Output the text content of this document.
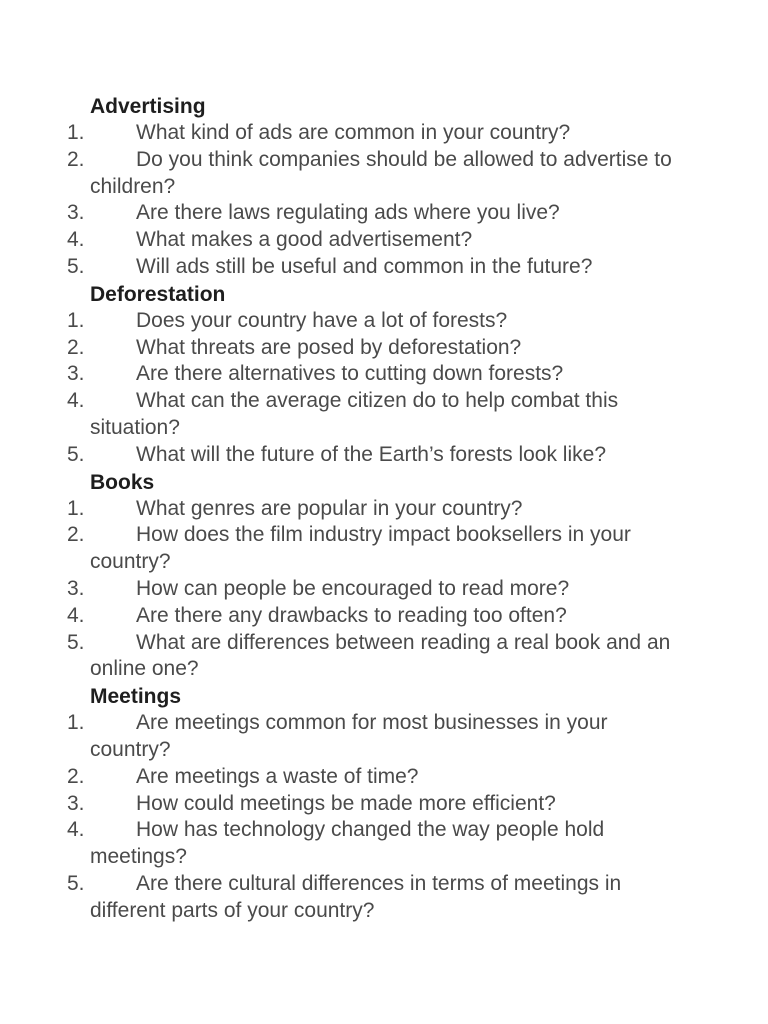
Advertising
1.	What kind of ads are common in your country?
2.	Do you think companies should be allowed to advertise to children?
3.	Are there laws regulating ads where you live?
4.	What makes a good advertisement?
5.	Will ads still be useful and common in the future?
Deforestation
1.	Does your country have a lot of forests?
2.	What threats are posed by deforestation?
3.	Are there alternatives to cutting down forests?
4.	What can the average citizen do to help combat this situation?
5.	What will the future of the Earth’s forests look like?
Books
1.	What genres are popular in your country?
2.	How does the film industry impact booksellers in your country?
3.	How can people be encouraged to read more?
4.	Are there any drawbacks to reading too often?
5.	What are differences between reading a real book and an online one?
Meetings
1.	Are meetings common for most businesses in your country?
2.	Are meetings a waste of time?
3.	How could meetings be made more efficient?
4.	How has technology changed the way people hold meetings?
5.	Are there cultural differences in terms of meetings in different parts of your country?
